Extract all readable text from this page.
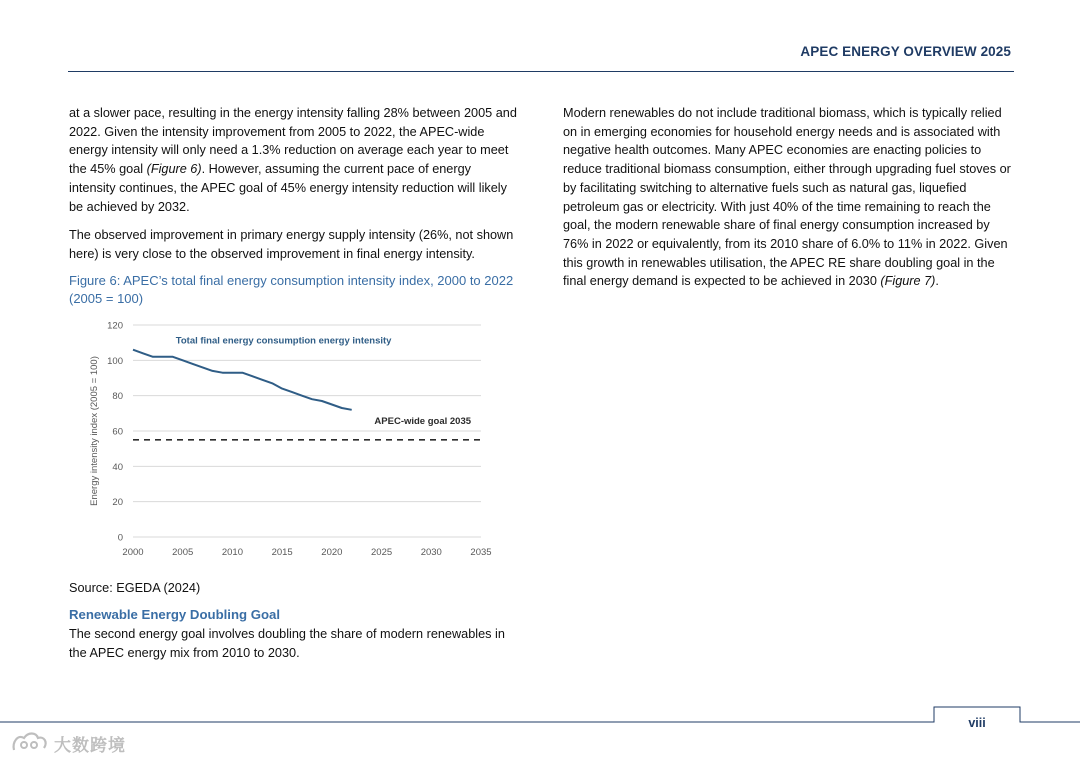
APEC ENERGY OVERVIEW 2025

at a slower pace, resulting in the energy intensity falling 28% between 2005 and 2022. Given the intensity improvement from 2005 to 2022, the APEC-wide energy intensity will only need a 1.3% reduction on average each year to meet the 45% goal (Figure 6). However, assuming the current pace of energy intensity continues, the APEC goal of 45% energy intensity reduction will likely be achieved by 2032.

The observed improvement in primary energy supply intensity (26%, not shown here) is very close to the observed improvement in final energy intensity.

Figure 6: APEC’s total final energy consumption intensity index, 2000 to 2022 (2005 = 100)
0
20
40
60
80
100
120
2000	2005	2010	2015	2020	2025	2030	2035
Energy intensity index (2005 = 100)
Total final energy consumption energy intensity
APEC-wide goal 2035
Source: EGEDA (2024)
Renewable Energy Doubling Goal

The second energy goal involves doubling the share of modern renewables in the APEC energy mix from 2010 to 2030.

Modern renewables do not include traditional biomass, which is typically relied on in emerging economies for household energy needs and is associated with negative health outcomes. Many APEC economies are enacting policies to reduce traditional biomass consumption, either through upgrading fuel stoves or by facilitating switching to alternative fuels such as natural gas, liquefied petroleum gas or electricity. With just 40% of the time remaining to reach the goal, the modern renewable share of final energy consumption increased by 76% in 2022 or equivalently, from its 2010 share of 6.0% to 11% in 2022. Given this growth in renewables utilisation, the APEC RE share doubling goal in the final energy demand is expected to be achieved in 2030 (Figure 7).

viii
大数跨境
